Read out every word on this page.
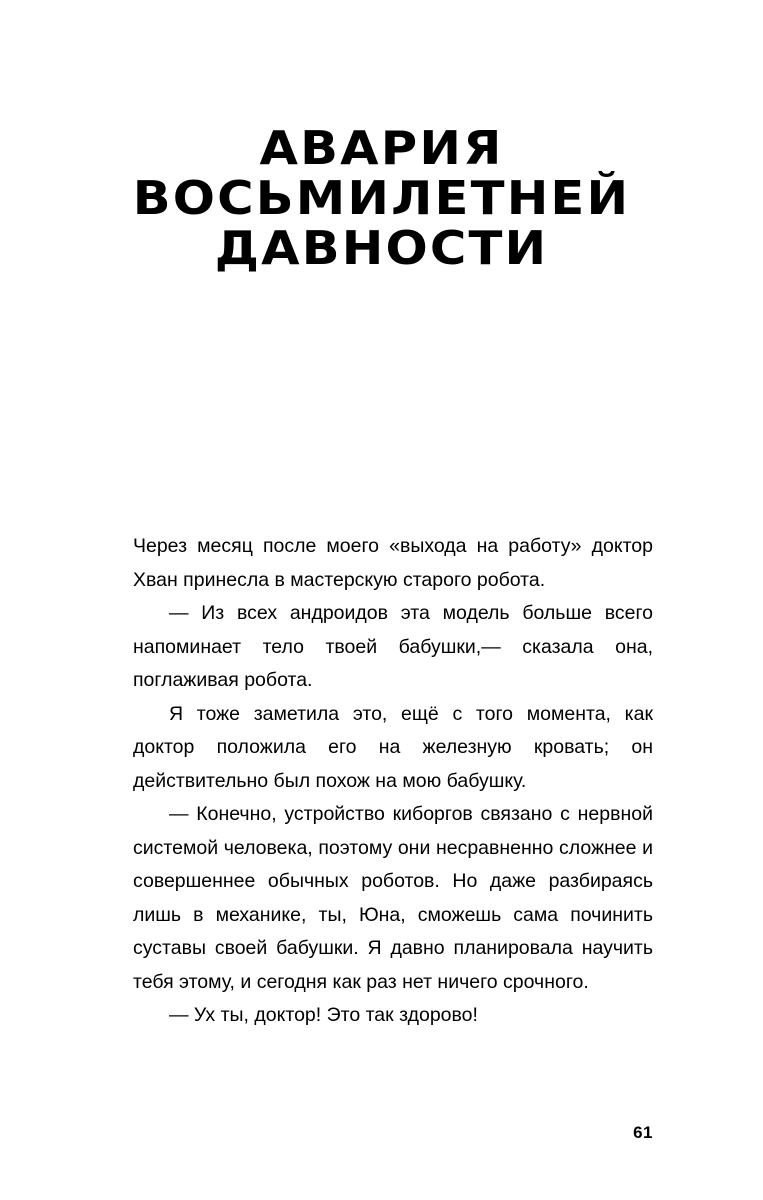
АВАРИЯ
ВОСЬМИЛЕТНЕЙ
ДАВНОСТИ

Через месяц после моего «выхода на работу» доктор Хван принесла в мастерскую старого робота.

— Из всех андроидов эта модель больше всего напоминает тело твоей бабушки,— сказала она, поглаживая робота.

Я тоже заметила это, ещё с того момента, как доктор положила его на железную кровать; он действительно был похож на мою бабушку.

— Конечно, устройство киборгов связано с нервной системой человека, поэтому они несравненно сложнее и совершеннее обычных роботов. Но даже разбираясь лишь в механике, ты, Юна, сможешь сама починить суставы своей бабушки. Я давно планировала научить тебя этому, и сегодня как раз нет ничего срочного.

— Ух ты, доктор! Это так здорово!

61
